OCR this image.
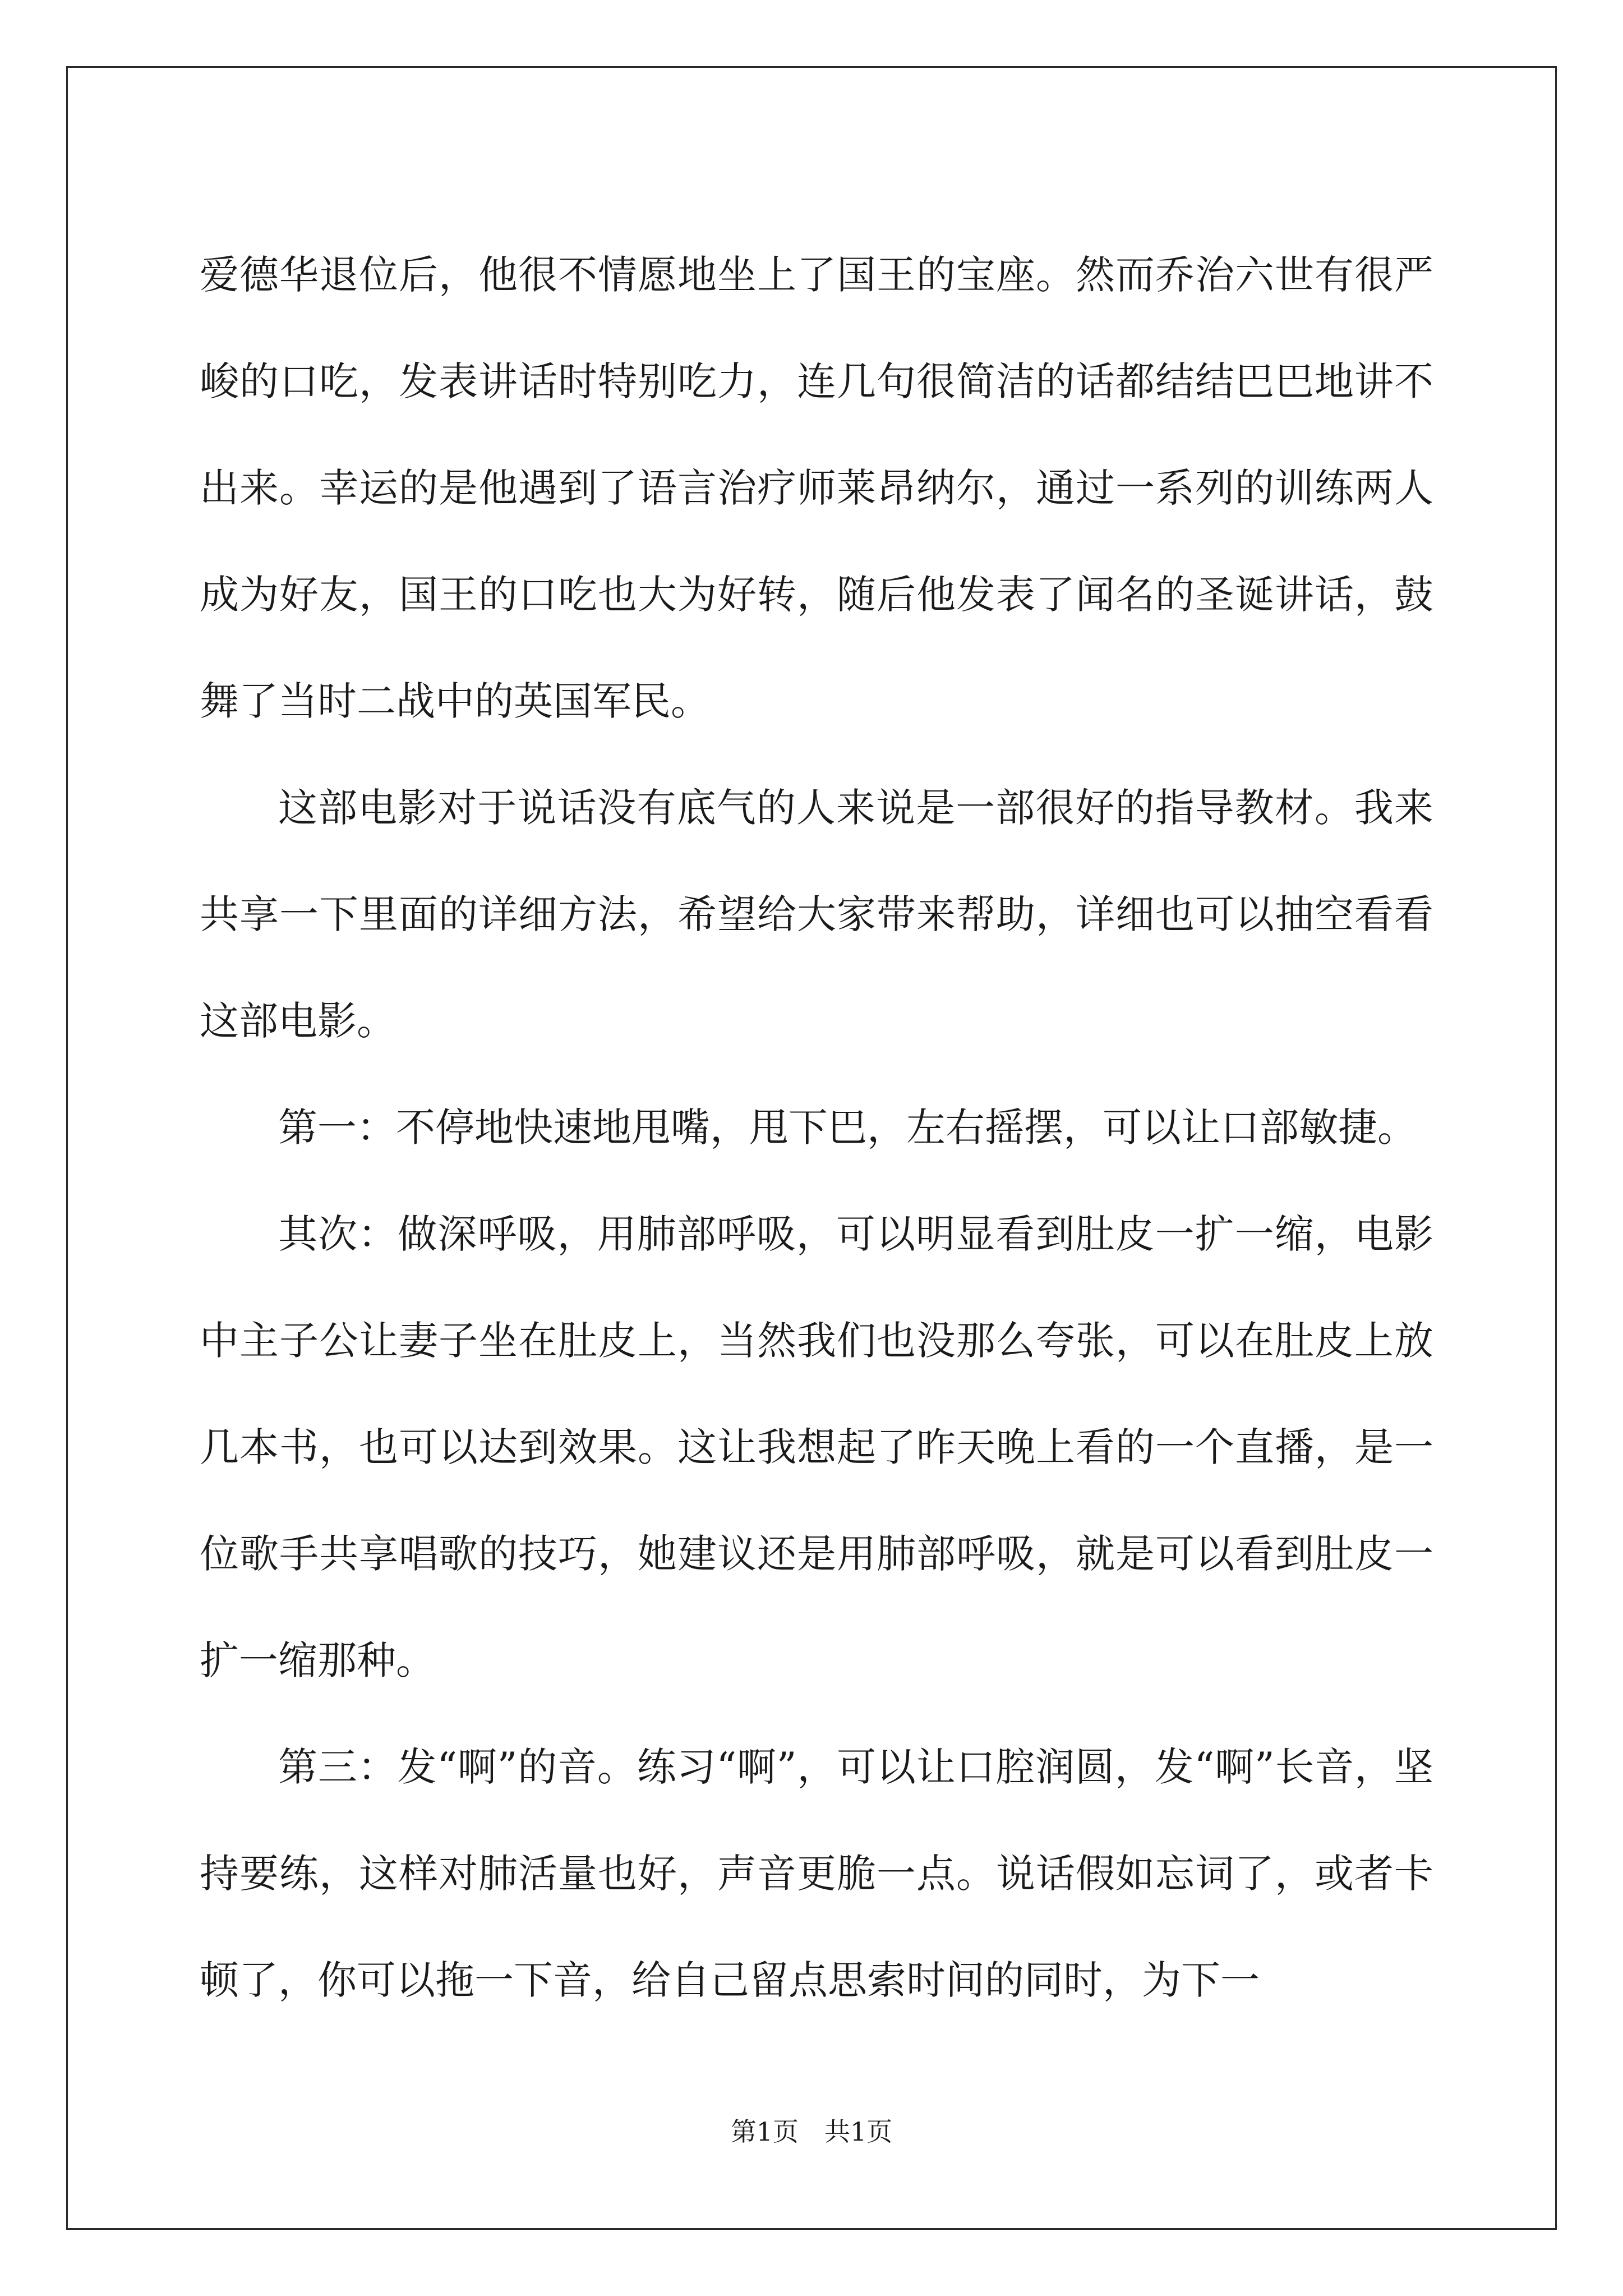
爱德华退位后，他很不情愿地坐上了国王的宝座。然而乔治六世有很严峻的口吃，发表讲话时特别吃力，连几句很简洁的话都结结巴巴地讲不出来。幸运的是他遇到了语言治疗师莱昂纳尔，通过一系列的训练两人成为好友，国王的口吃也大为好转，随后他发表了闻名的圣诞讲话，鼓舞了当时二战中的英国军民。

这部电影对于说话没有底气的人来说是一部很好的指导教材。我来共享一下里面的详细方法，希望给大家带来帮助，详细也可以抽空看看这部电影。

第一：不停地快速地甩嘴，甩下巴，左右摇摆，可以让口部敏捷。

其次：做深呼吸，用肺部呼吸，可以明显看到肚皮一扩一缩，电影中主子公让妻子坐在肚皮上，当然我们也没那么夸张，可以在肚皮上放几本书，也可以达到效果。这让我想起了昨天晚上看的一个直播，是一位歌手共享唱歌的技巧，她建议还是用肺部呼吸，就是可以看到肚皮一扩一缩那种。

第三：发“啊”的音。练习“啊”，可以让口腔润圆，发“啊”长音，坚持要练，这样对肺活量也好，声音更脆一点。说话假如忘词了，或者卡顿了，你可以拖一下音，给自己留点思索时间的同时，为下一

第1页 共1页
